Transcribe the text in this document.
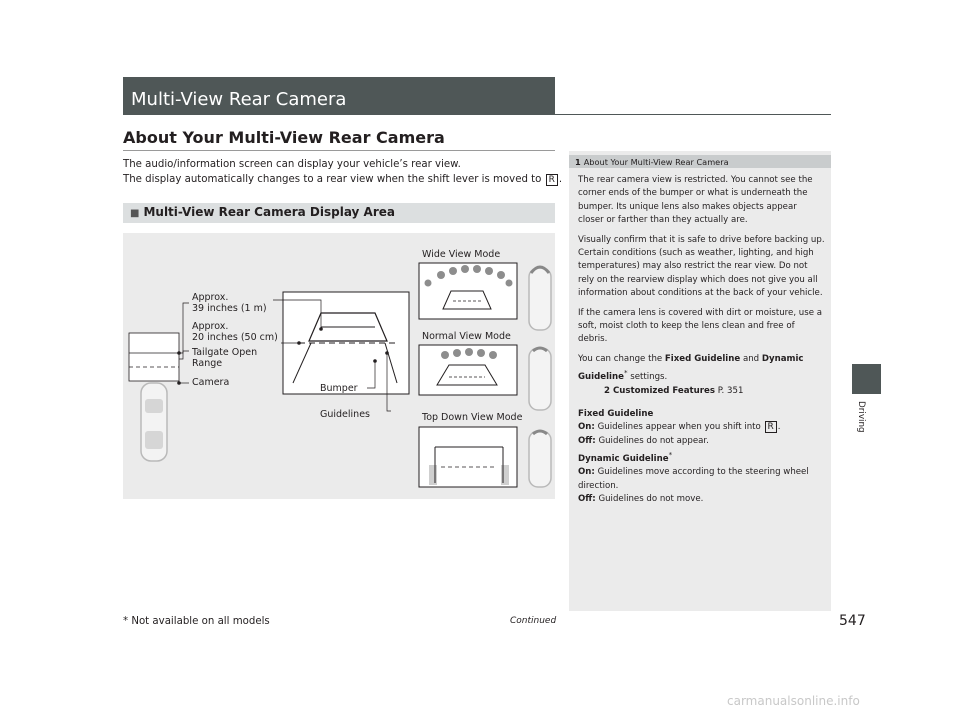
Multi-View Rear Camera
About Your Multi-View Rear Camera
The audio/information screen can display your vehicle’s rear view.
The display automatically changes to a rear view when the shift lever is moved to R .
■ Multi-View Rear Camera Display Area
Approx.
39 inches (1 m)
Approx.
20 inches (50 cm)
Tailgate Open
Range
Camera
Bumper
Guidelines
Wide View Mode
Normal View Mode
Top Down View Mode
1 About Your Multi-View Rear Camera

The rear camera view is restricted. You cannot see the corner ends of the bumper or what is underneath the bumper. Its unique lens also makes objects appear closer or farther than they actually are.

Visually confirm that it is safe to drive before backing up. Certain conditions (such as weather, lighting, and high temperatures) may also restrict the rear view. Do not rely on the rearview display which does not give you all information about conditions at the back of your vehicle.

If the camera lens is covered with dirt or moisture, use a soft, moist cloth to keep the lens clean and free of debris.

You can change the Fixed Guideline and Dynamic Guideline* settings.

2 Customized Features P. 351

Fixed Guideline
On: Guidelines appear when you shift into R .
Off: Guidelines do not appear.
Dynamic Guideline*
On: Guidelines move according to the steering wheel direction.
Off: Guidelines do not move.
Driving
* Not available on all models	Continued	547
carmanualsonline.info
